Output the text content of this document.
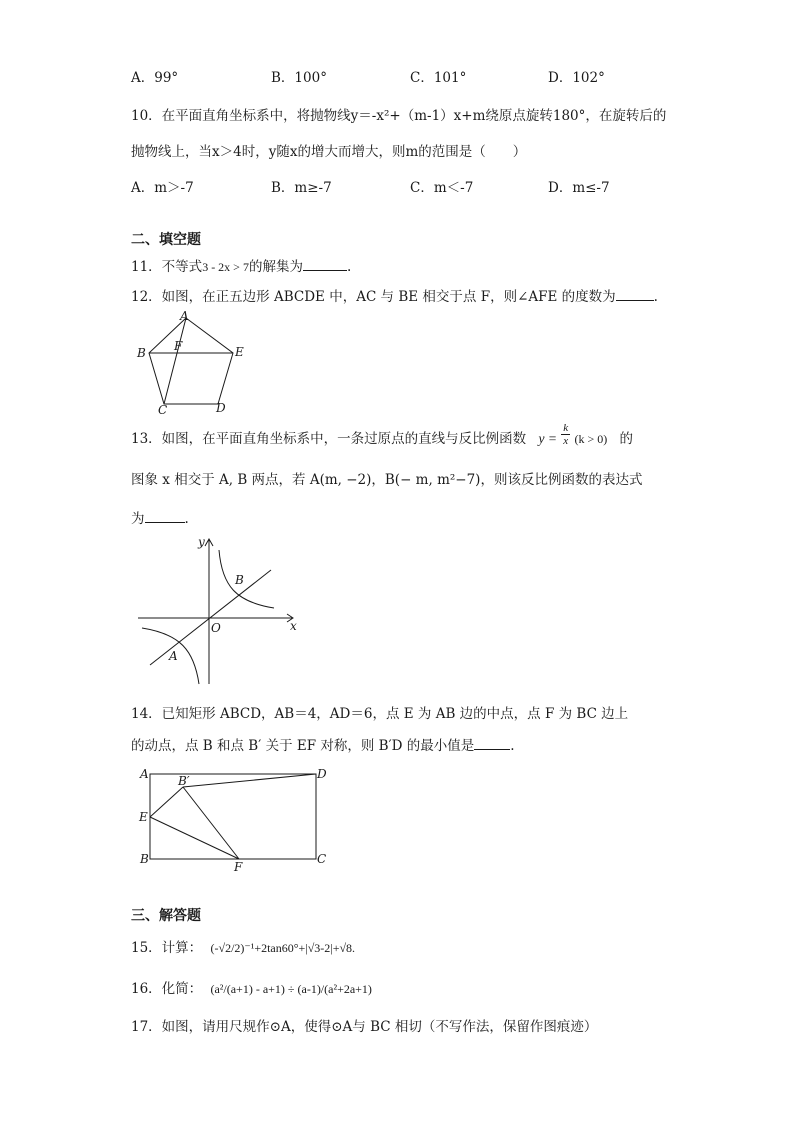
A．99°	B．100°	C．101°	D．102°
10．在平面直角坐标系中，将抛物线y＝-x²+（m-1）x+m绕原点旋转180°，在旋转后的
抛物线上，当x＞4时，y随x的增大而增大，则m的范围是（　　）
A．m＞-7	B．m≥-7	C．m＜-7	D．m≤-7
二、填空题
11．不等式3 - 2x > 7的解集为	.
12．如图，在正五边形 ABCDE 中，AC 与 BE 相交于点 F，则∠AFE 的度数为	.
A
B F	E
C	D
13．如图，在平面直角坐标系中，一条过原点的直线与反比例函数 $y = \frac{k}{x} (k > 0)$ 的
图象 x 相交于 A, B 两点，若 A(m, −2)，B(− m, m²−7)，则该反比例函数的表达式
为	.
y
x
O
B
A
14．已知矩形 ABCD，AB＝4，AD＝6，点 E 为 AB 边的中点，点 F 为 BC 边上
的动点，点 B 和点 B′ 关于 EF 对称，则 B′D 的最小值是	.
A B′	D
E
B
F
C
三、解答题
15．计算： (-√2/2)⁻¹+2tan60°+|√3-2|+√8.
16．化简： (a²/(a+1) - a+1) ÷ (a-1)/(a²+2a+1)
17．如图，请用尺规作⊙A，使得⊙A与 BC 相切（不写作法，保留作图痕迹）
